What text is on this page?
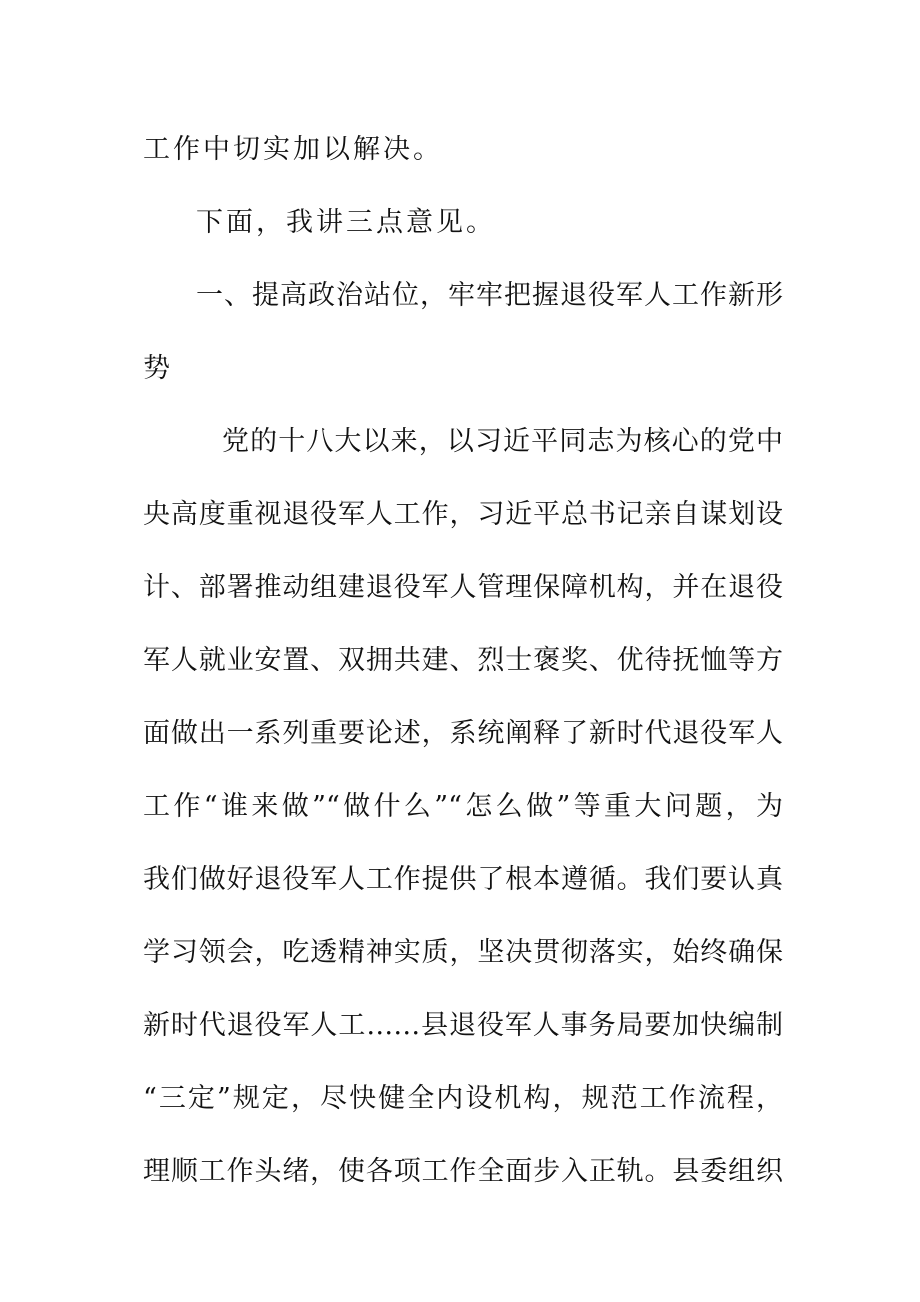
工作中切实加以解决。

下面，我讲三点意见。

一、提高政治站位，牢牢把握退役军人工作新形

势

党的十八大以来，以习近平同志为核心的党中

央高度重视退役军人工作，习近平总书记亲自谋划设

计、部署推动组建退役军人管理保障机构，并在退役

军人就业安置、双拥共建、烈士褒奖、优待抚恤等方

面做出一系列重要论述，系统阐释了新时代退役军人

工作“谁来做”“做什么”“怎么做”等重大问题，为

我们做好退役军人工作提供了根本遵循。我们要认真

学习领会，吃透精神实质，坚决贯彻落实，始终确保

新时代退役军人工……县退役军人事务局要加快编制

“三定”规定，尽快健全内设机构，规范工作流程，

理顺工作头绪，使各项工作全面步入正轨。县委组织
